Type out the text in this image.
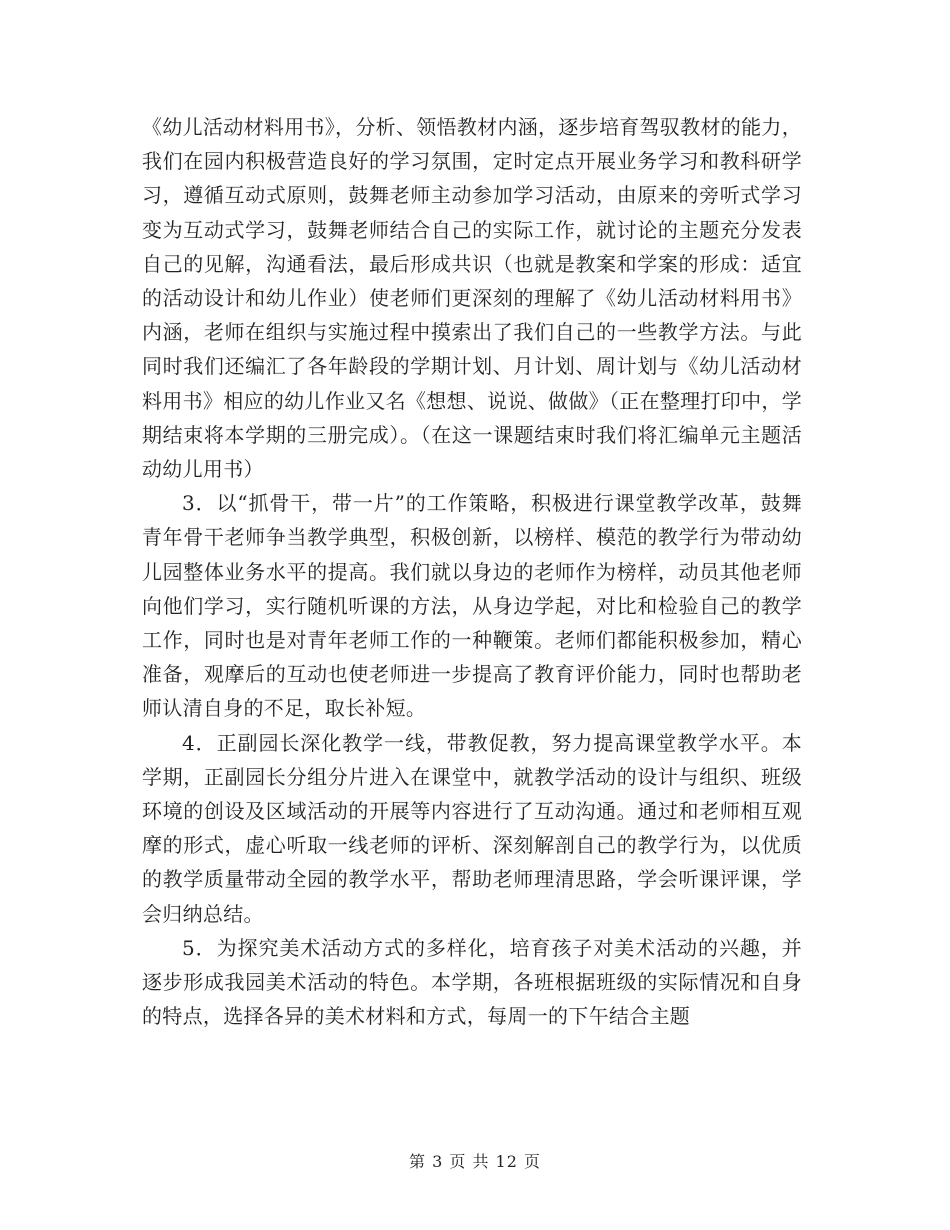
《幼儿活动材料用书》，分析、领悟教材内涵，逐步培育驾驭教材的能力，我们在园内积极营造良好的学习氛围，定时定点开展业务学习和教科研学习，遵循互动式原则，鼓舞老师主动参加学习活动，由原来的旁听式学习变为互动式学习，鼓舞老师结合自己的实际工作，就讨论的主题充分发表自己的见解，沟通看法，最后形成共识（也就是教案和学案的形成：适宜的活动设计和幼儿作业）使老师们更深刻的理解了《幼儿活动材料用书》内涵，老师在组织与实施过程中摸索出了我们自己的一些教学方法。与此同时我们还编汇了各年龄段的学期计划、月计划、周计划与《幼儿活动材料用书》相应的幼儿作业又名《想想、说说、做做》（正在整理打印中，学期结束将本学期的三册完成）。（在这一课题结束时我们将汇编单元主题活动幼儿用书）

3．以“抓骨干，带一片”的工作策略，积极进行课堂教学改革，鼓舞青年骨干老师争当教学典型，积极创新，以榜样、模范的教学行为带动幼儿园整体业务水平的提高。我们就以身边的老师作为榜样，动员其他老师向他们学习，实行随机听课的方法，从身边学起，对比和检验自己的教学工作，同时也是对青年老师工作的一种鞭策。老师们都能积极参加，精心准备，观摩后的互动也使老师进一步提高了教育评价能力，同时也帮助老师认清自身的不足，取长补短。

4．正副园长深化教学一线，带教促教，努力提高课堂教学水平。本学期，正副园长分组分片进入在课堂中，就教学活动的设计与组织、班级环境的创设及区域活动的开展等内容进行了互动沟通。通过和老师相互观摩的形式，虚心听取一线老师的评析、深刻解剖自己的教学行为，以优质的教学质量带动全园的教学水平，帮助老师理清思路，学会听课评课，学会归纳总结。

5．为探究美术活动方式的多样化，培育孩子对美术活动的兴趣，并逐步形成我园美术活动的特色。本学期，各班根据班级的实际情况和自身的特点，选择各异的美术材料和方式，每周一的下午结合主题

第 3 页 共 12 页
